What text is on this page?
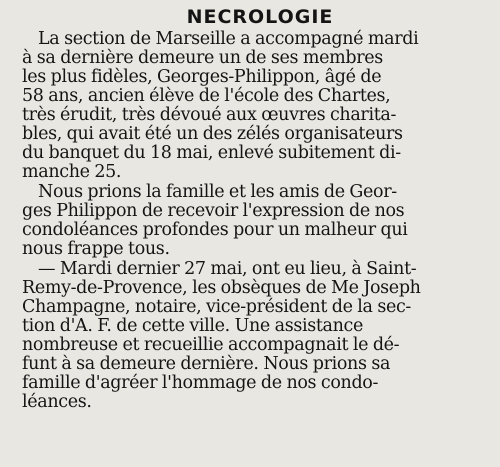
NECROLOGIE

La section de Marseille a accompagné mardi
à sa dernière demeure un de ses membres
les plus fidèles, Georges-Philippon, âgé de
58 ans, ancien élève de l'école des Chartes,
très érudit, très dévoué aux œuvres charita-
bles, qui avait été un des zélés organisateurs
du banquet du 18 mai, enlevé subitement di-
manche 25.

Nous prions la famille et les amis de Geor-
ges Philippon de recevoir l'expression de nos
condoléances profondes pour un malheur qui
nous frappe tous.

— Mardi dernier 27 mai, ont eu lieu, à Saint-
Remy-de-Provence, les obsèques de Me Joseph
Champagne, notaire, vice-président de la sec-
tion d'A. F. de cette ville. Une assistance
nombreuse et recueillie accompagnait le dé-
funt à sa demeure dernière. Nous prions sa
famille d'agréer l'hommage de nos condo-
léances.
